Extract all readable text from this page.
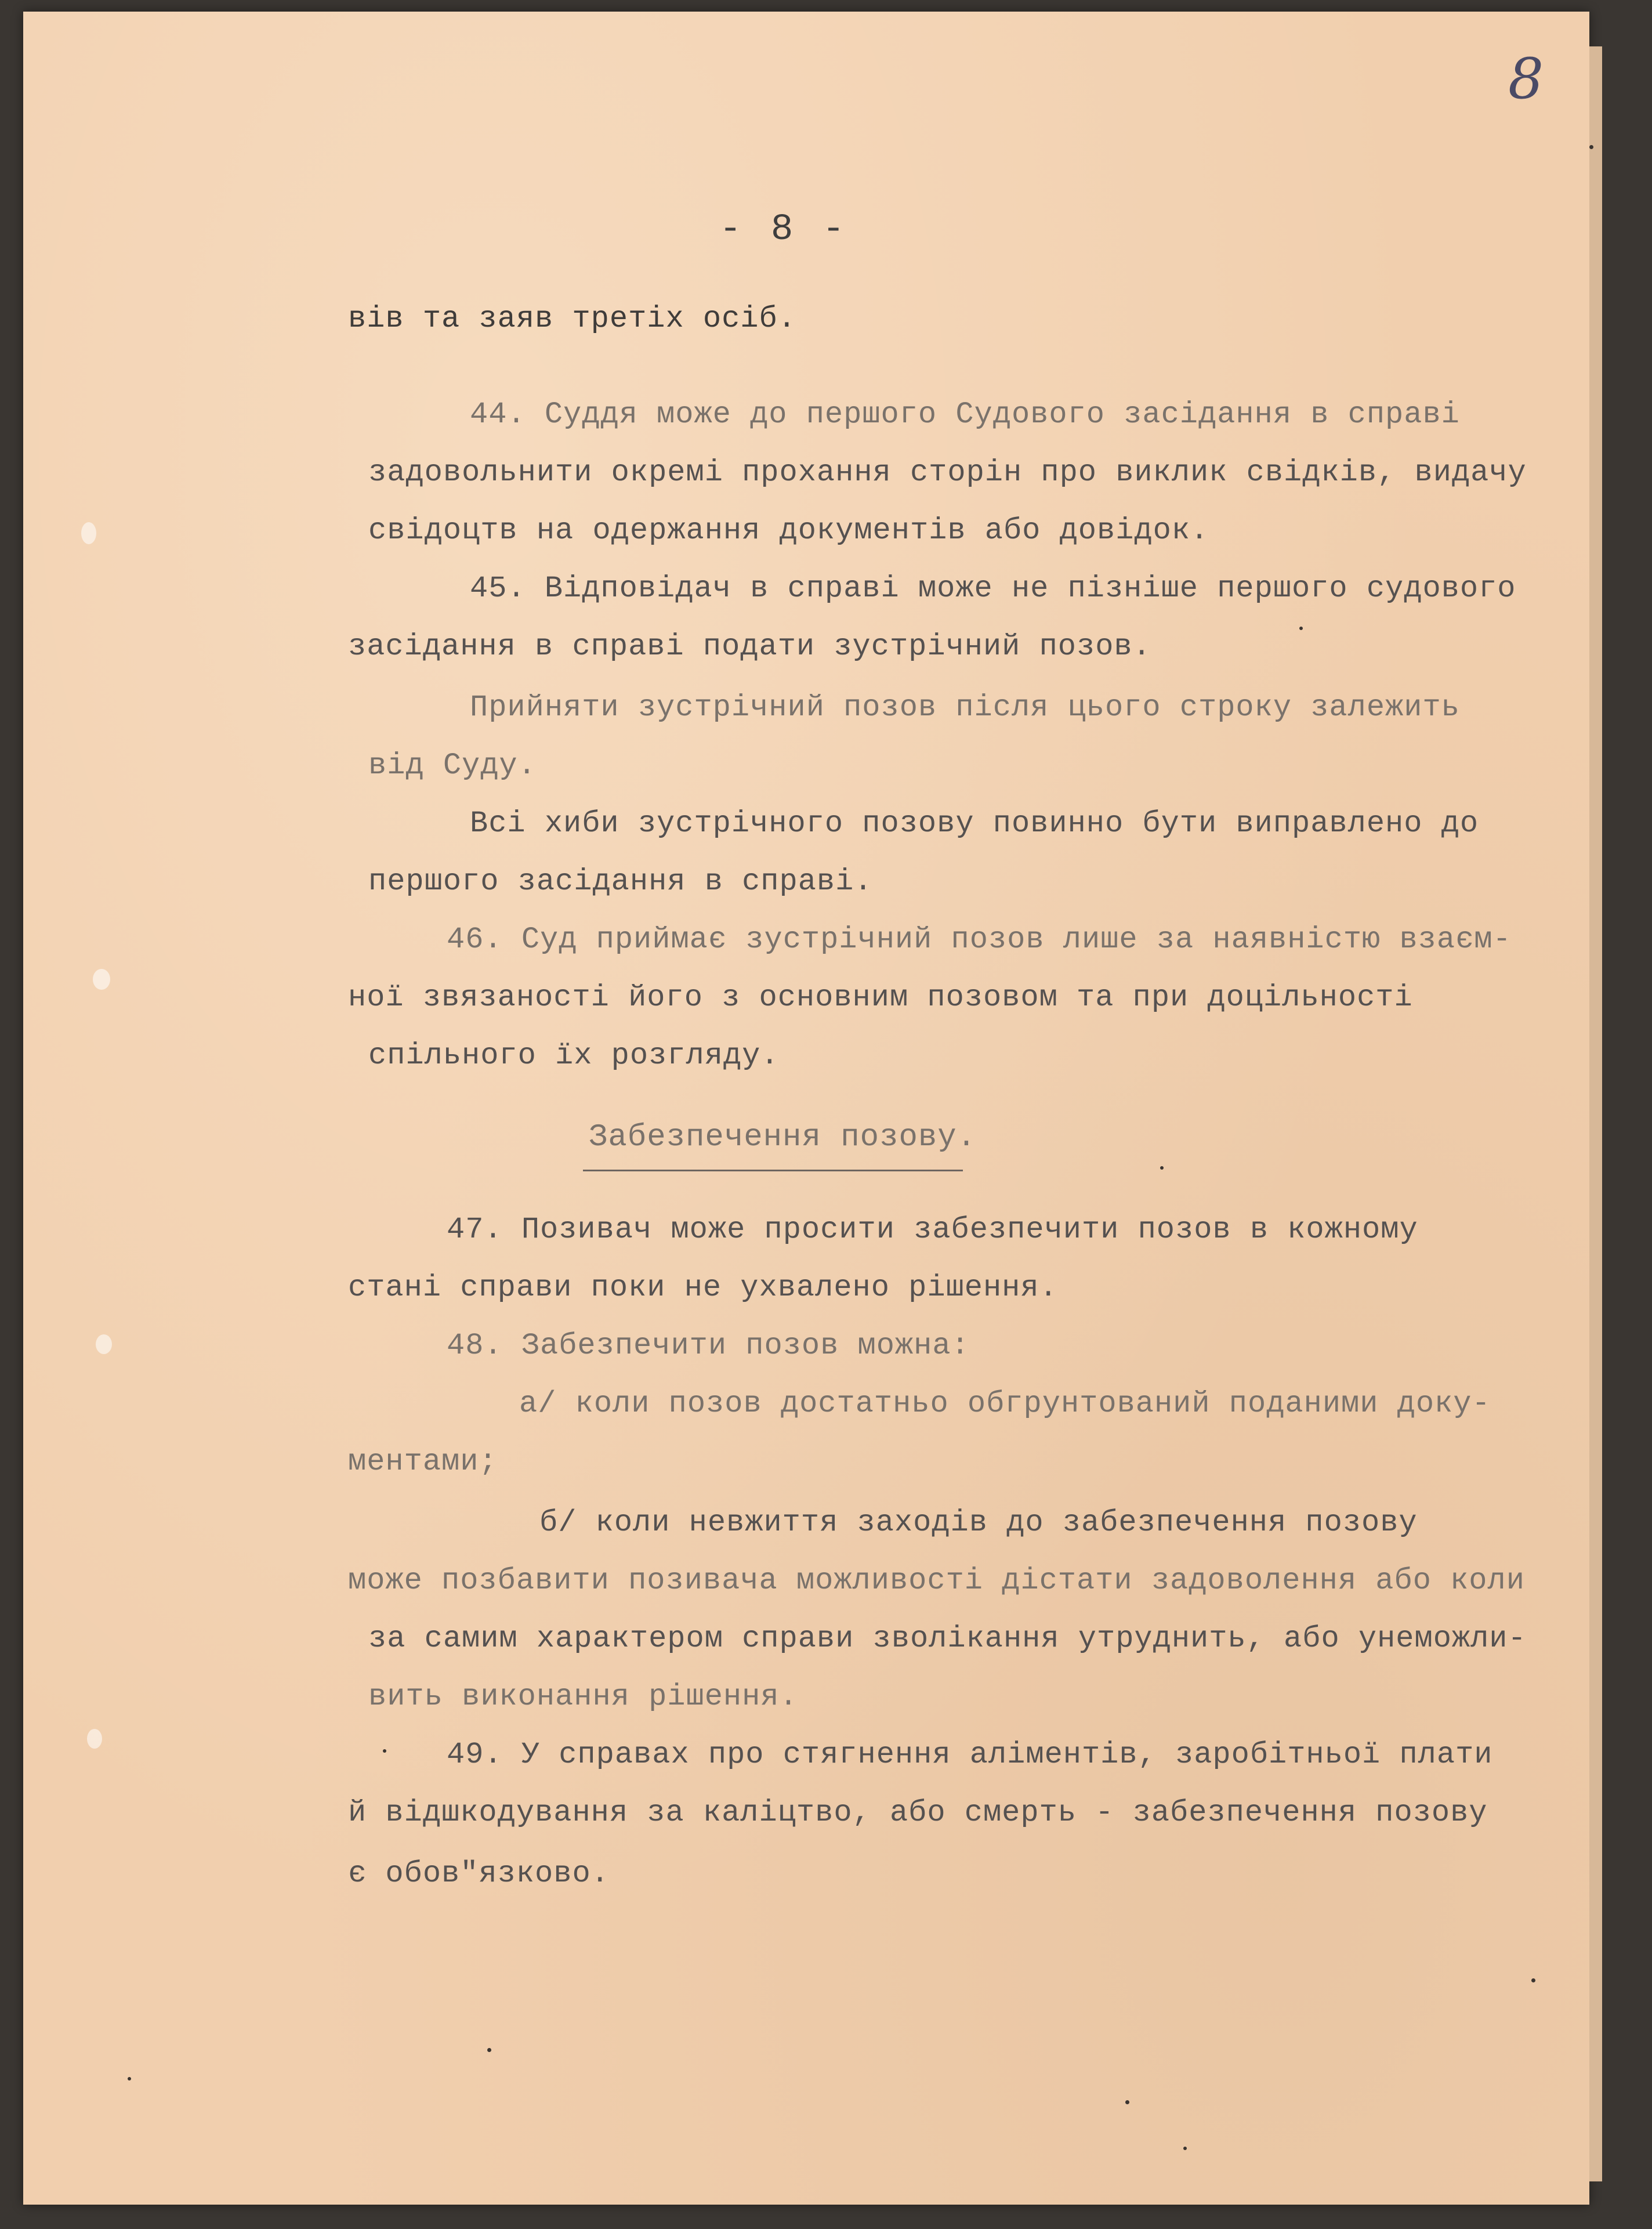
8
- 8 -
вів та заяв третіх осіб.
44. Суддя може до першого Судового засідання в справі
задовольнити окремі прохання сторін про виклик свідків, видачу
свідоцтв на одержання документів або довідок.
45. Відповідач в справі може не пізніше першого судового
засідання в справі подати зустрічний позов.
Прийняти зустрічний позов після цього строку залежить
від Суду.
Всі хиби зустрічного позову повинно бути виправлено до
першого засідання в справі.
46. Суд приймає зустрічний позов лише за наявністю взаєм-
ної звязаності його з основним позовом та при доцільності
спільного їх розгляду.
Забезпечення позову.
47. Позивач може просити забезпечити позов в кожному
стані справи поки не ухвалено рішення.
48. Забезпечити позов можна:
а/ коли позов достатньо обгрунтований поданими доку-
ментами;
б/ коли невжиття заходів до забезпечення позову
може позбавити позивача можливості дістати задоволення або коли
за самим характером справи зволікання утруднить, або унеможли-
вить виконання рішення.
49. У справах про стягнення аліментів, заробітньої плати
й відшкодування за каліцтво, або смерть - забезпечення позову
є обов"язково.
